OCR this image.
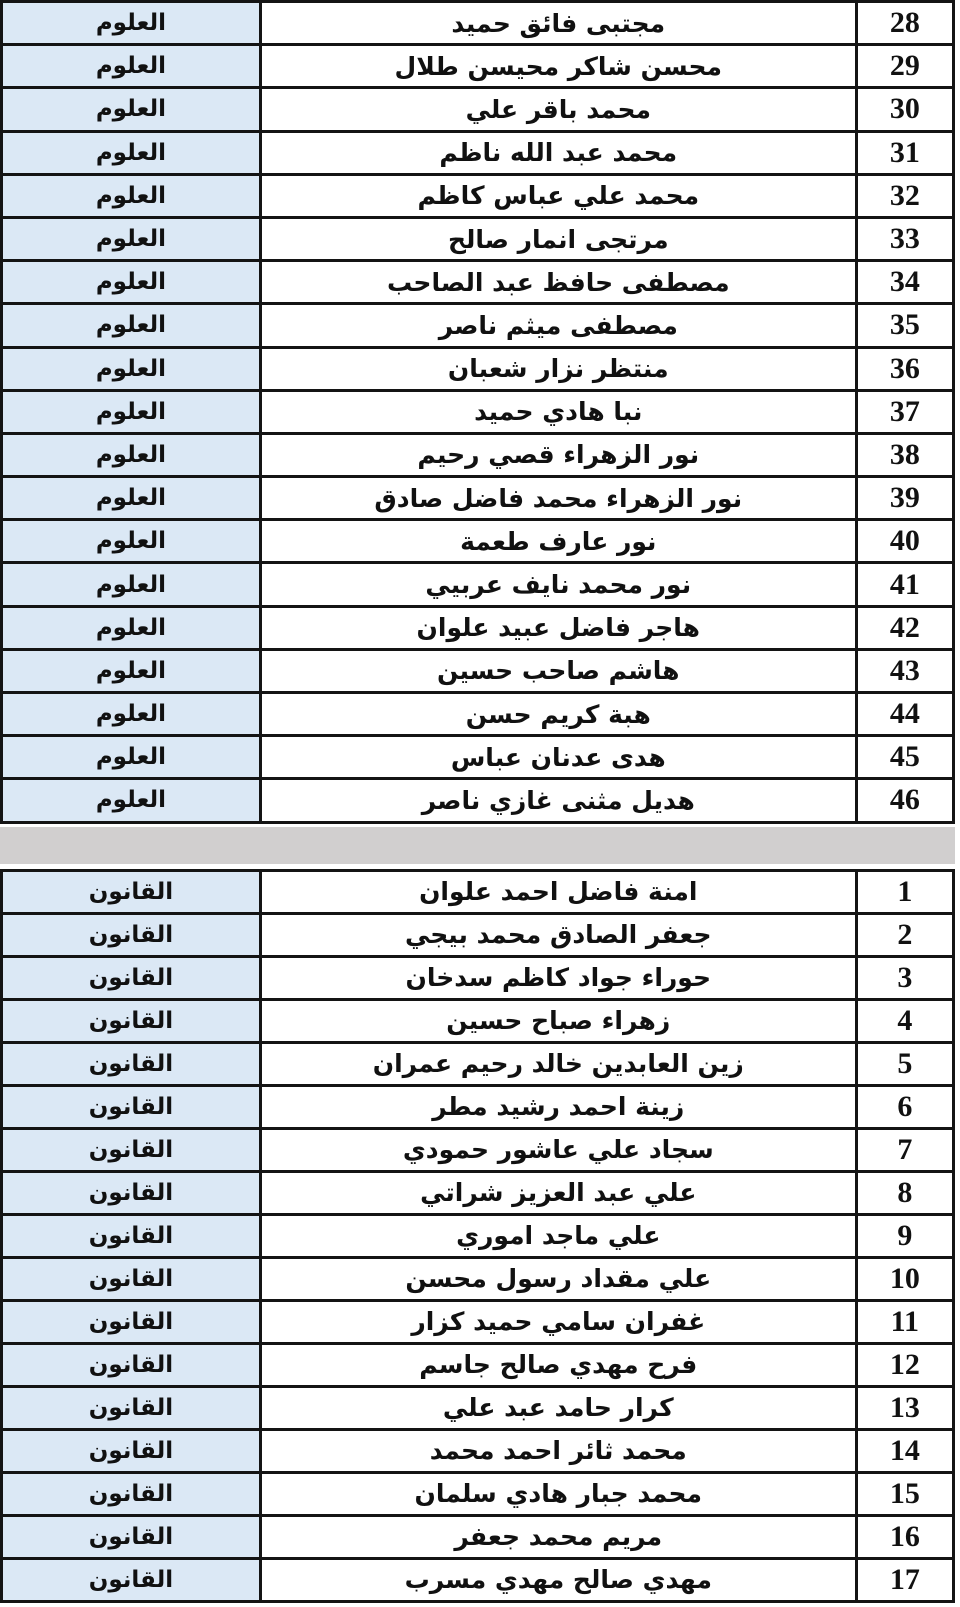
28	مجتبى فائق حميد	العلوم
29	محسن شاكر محيسن طلال	العلوم
30	محمد باقر علي	العلوم
31	محمد عبد الله ناظم	العلوم
32	محمد علي عباس كاظم	العلوم
33	مرتجى انمار صالح	العلوم
34	مصطفى حافظ عبد الصاحب	العلوم
35	مصطفى ميثم ناصر	العلوم
36	منتظر نزار شعبان	العلوم
37	نبا هادي حميد	العلوم
38	نور الزهراء قصي رحيم	العلوم
39	نور الزهراء محمد فاضل صادق	العلوم
40	نور عارف طعمة	العلوم
41	نور محمد نايف عربيي	العلوم
42	هاجر فاضل عبيد علوان	العلوم
43	هاشم صاحب حسين	العلوم
44	هبة كريم حسن	العلوم
45	هدى عدنان عباس	العلوم
46	هديل مثنى غازي ناصر	العلوم
1	امنة فاضل احمد علوان	القانون
2	جعفر الصادق محمد بيجي	القانون
3	حوراء جواد كاظم سدخان	القانون
4	زهراء صباح حسين	القانون
5	زين العابدين خالد رحيم عمران	القانون
6	زينة احمد رشيد مطر	القانون
7	سجاد علي عاشور حمودي	القانون
8	علي عبد العزيز شراتي	القانون
9	علي ماجد اموري	القانون
10	علي مقداد رسول محسن	القانون
11	غفران سامي حميد كزار	القانون
12	فرح مهدي صالح جاسم	القانون
13	كرار حامد عبد علي	القانون
14	محمد ثائر احمد محمد	القانون
15	محمد جبار هادي سلمان	القانون
16	مريم محمد جعفر	القانون
17	مهدي صالح مهدي مسرب	القانون
